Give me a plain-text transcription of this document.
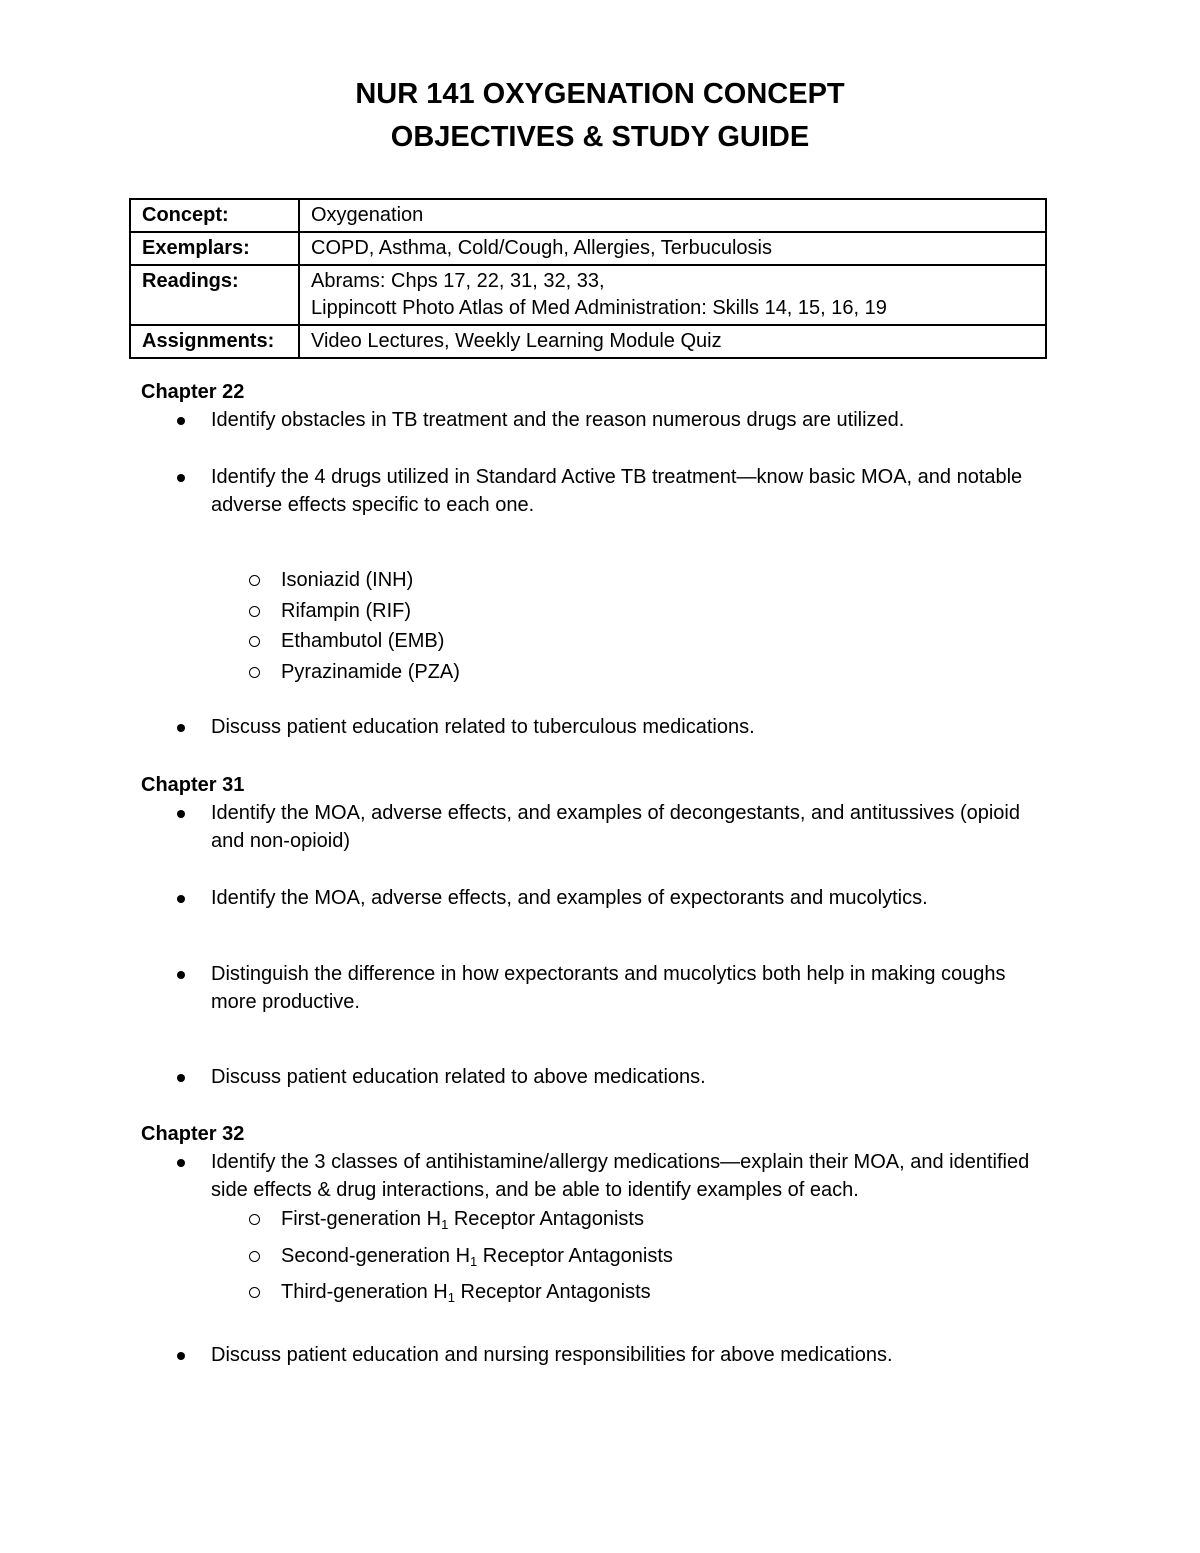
NUR 141 OXYGENATION CONCEPT
OBJECTIVES & STUDY GUIDE
Concept:	Oxygenation
Exemplars:	COPD, Asthma, Cold/Cough, Allergies, Terbuculosis
Readings:	Abrams: Chps 17, 22, 31, 32, 33,
Lippincott Photo Atlas of Med Administration: Skills 14, 15, 16, 19

Assignments:	Video Lectures, Weekly Learning Module Quiz

Chapter 22

Identify obstacles in TB treatment and the reason numerous drugs are utilized.
Identify the 4 drugs utilized in Standard Active TB treatment—know basic MOA, and notable adverse effects specific to each one.
Isoniazid (INH)
Rifampin (RIF)
Ethambutol (EMB)
Pyrazinamide (PZA)
Discuss patient education related to tuberculous medications.

Chapter 31

Identify the MOA, adverse effects, and examples of decongestants, and antitussives (opioid and non-opioid)
Identify the MOA, adverse effects, and examples of expectorants and mucolytics.
Distinguish the difference in how expectorants and mucolytics both help in making coughs more productive.
Discuss patient education related to above medications.

Chapter 32

Identify the 3 classes of antihistamine/allergy medications—explain their MOA, and identified side effects & drug interactions, and be able to identify examples of each.
First-generation $H_1$ Receptor Antagonists
Second-generation $H_1$ Receptor Antagonists
Third-generation $H_1$ Receptor Antagonists
Discuss patient education and nursing responsibilities for above medications.
